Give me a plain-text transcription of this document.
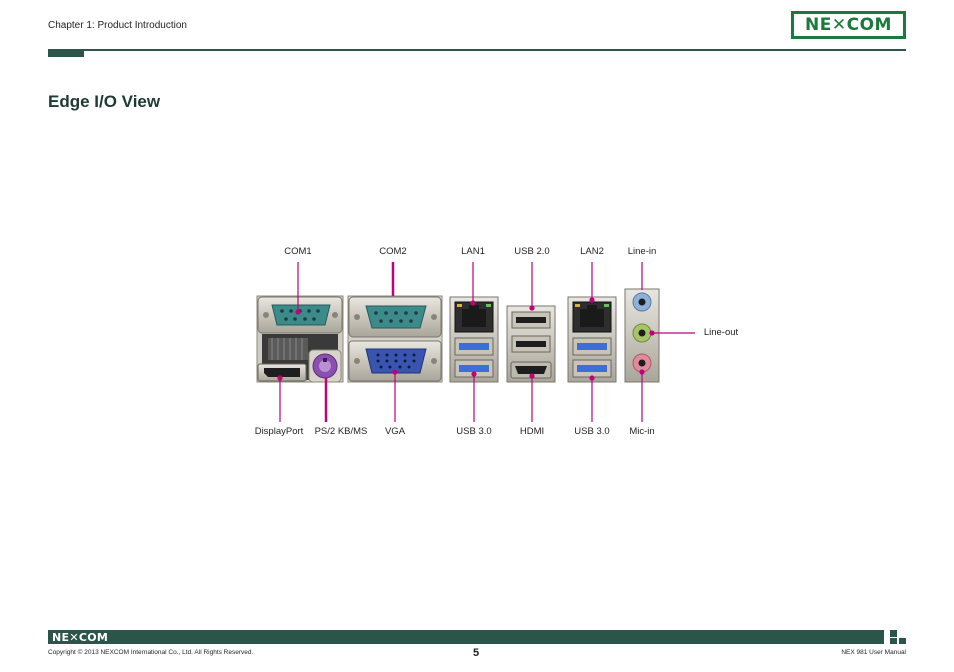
Chapter 1: Product Introduction	NE✕COM
Edge I/O View
COM1	COM2	LAN1	USB 2.0	LAN2	Line-in
Line-out
DisplayPort PS/2 KB/MS VGA	USB 3.0	HDMI	USB 3.0 Mic-in
NE✕COM
Copyright © 2013 NEXCOM International Co., Ltd. All Rights Reserved.	5	NEX 981 User Manual
